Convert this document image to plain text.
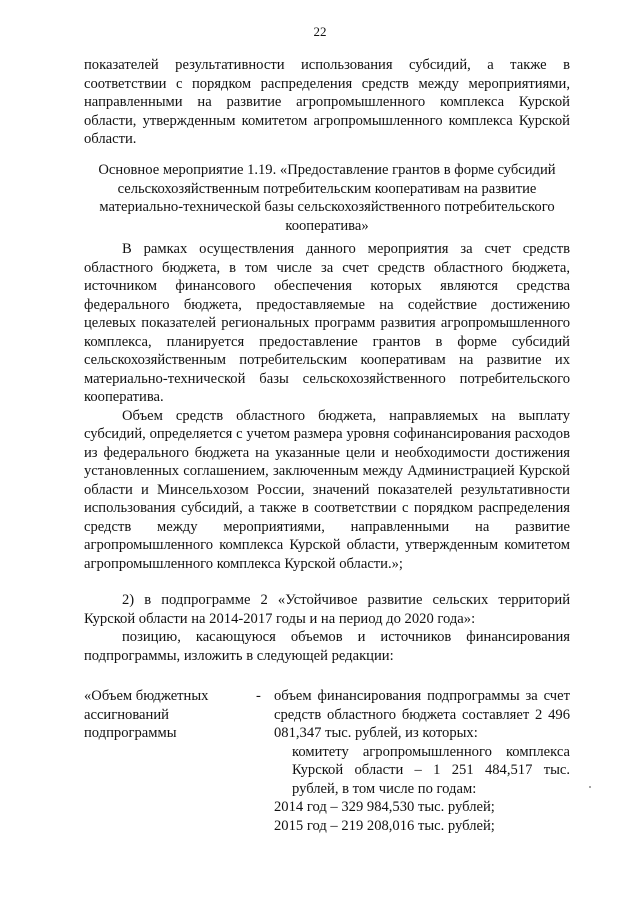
22
показателей результативности использования субсидий, а также в соответствии с порядком распределения средств между мероприятиями, направленными на развитие агропромышленного комплекса Курской области, утвержденным комитетом агропромышленного комплекса Курской области.
Основное мероприятие 1.19. «Предоставление грантов в форме субсидий сельскохозяйственным потребительским кооперативам на развитие материально-технической базы сельскохозяйственного потребительского кооператива»

В рамках осуществления данного мероприятия за счет средств областного бюджета, в том числе за счет средств областного бюджета, источником финансового обеспечения которых являются средства федерального бюджета, предоставляемые на содействие достижению целевых показателей региональных программ развития агропромышленного комплекса, планируется предоставление грантов в форме субсидий сельскохозяйственным потребительским кооперативам на развитие их материально-технической базы сельскохозяйственного потребительского кооператива.

Объем средств областного бюджета, направляемых на выплату субсидий, определяется с учетом размера уровня софинансирования расходов из федерального бюджета на указанные цели и необходимости достижения установленных соглашением, заключенным между Администрацией Курской области и Минсельхозом России, значений показателей результативности использования субсидий, а также в соответствии с порядком распределения средств между мероприятиями, направленными на развитие агропромышленного комплекса Курской области, утвержденным комитетом агропромышленного комплекса Курской области.»;

2) в подпрограмме 2 «Устойчивое развитие сельских территорий Курской области на 2014-2017 годы и на период до 2020 года»:

позицию, касающуюся объемов и источников финансирования подпрограммы, изложить в следующей редакции:

«Объем бюджетных ассигнований подпрограммы
- объем финансирования подпрограммы за счет средств областного бюджета составляет 2 496 081,347 тыс. рублей, из которых:

комитету агропромышленного комплекса Курской области – 1 251 484,517 тыс. рублей, в том числе по годам:

2014 год – 329 984,530 тыс. рублей;

2015 год – 219 208,016 тыс. рублей;
